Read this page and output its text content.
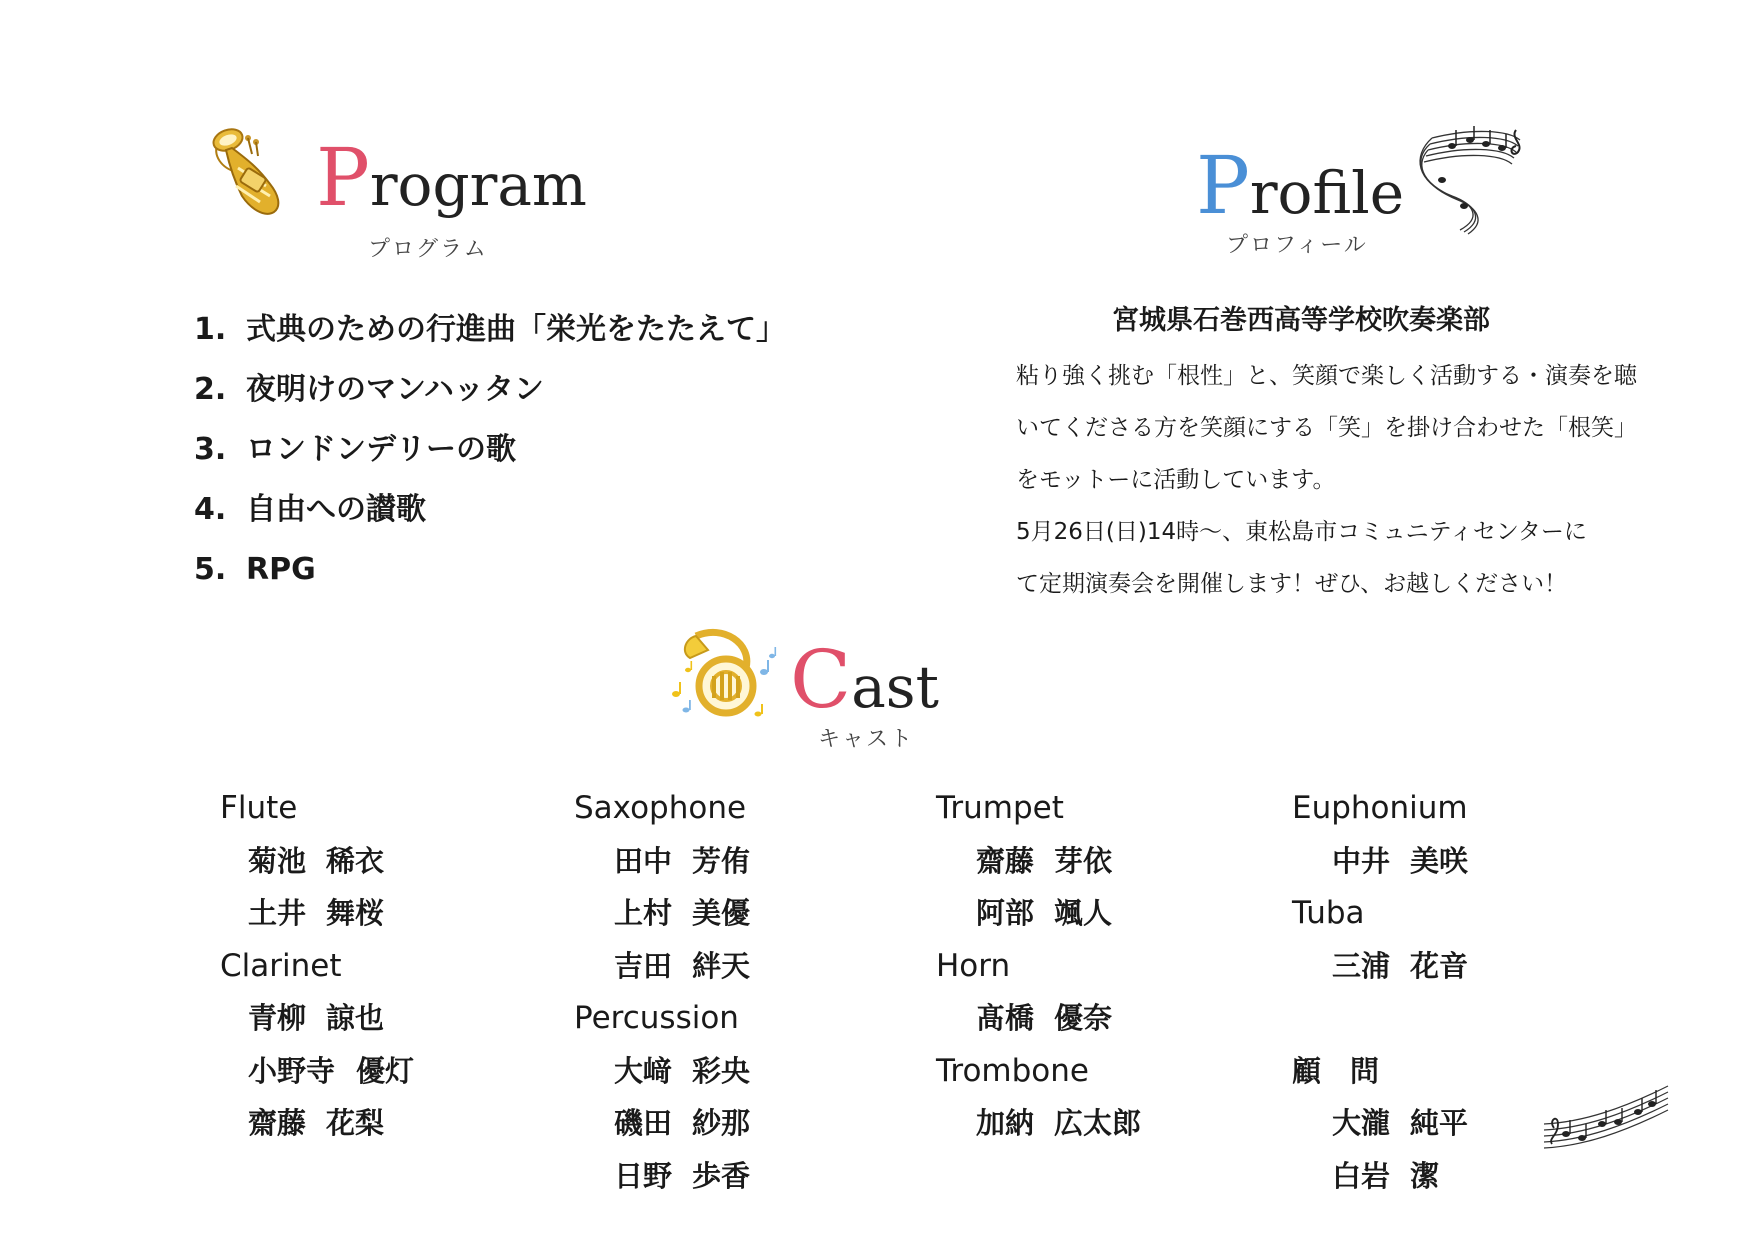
Program
プログラム
1. 式典のための行進曲「栄光をたたえて」
2. 夜明けのマンハッタン
3. ロンドンデリーの歌
4. 自由への讃歌
5. RPG
Profile
プロフィール
宮城県石巻西高等学校吹奏楽部

粘り強く挑む「根性」と、笑顔で楽しく活動する・演奏を聴

いてくださる方を笑顔にする「笑」を掛け合わせた「根笑」

をモットーに活動しています。

5月26日(日)14時～、東松島市コミュニティセンターに

て定期演奏会を開催します！ぜひ、お越しください！

Cast
キャスト
Flute
菊池 稀衣
土井 舞桜
Clarinet
青柳 諒也
小野寺 優灯
齋藤 花梨
Saxophone
田中 芳侑
上村 美優
吉田 絆天
Percussion
大﨑 彩央
磯田 紗那
日野 歩香
Trumpet
齋藤 芽依
阿部 颯人
Horn
髙橋 優奈
Trombone
加納 広太郎
Euphonium
中井 美咲
Tuba
三浦 花音
顧　問
大瀧 純平
白岩 潔
